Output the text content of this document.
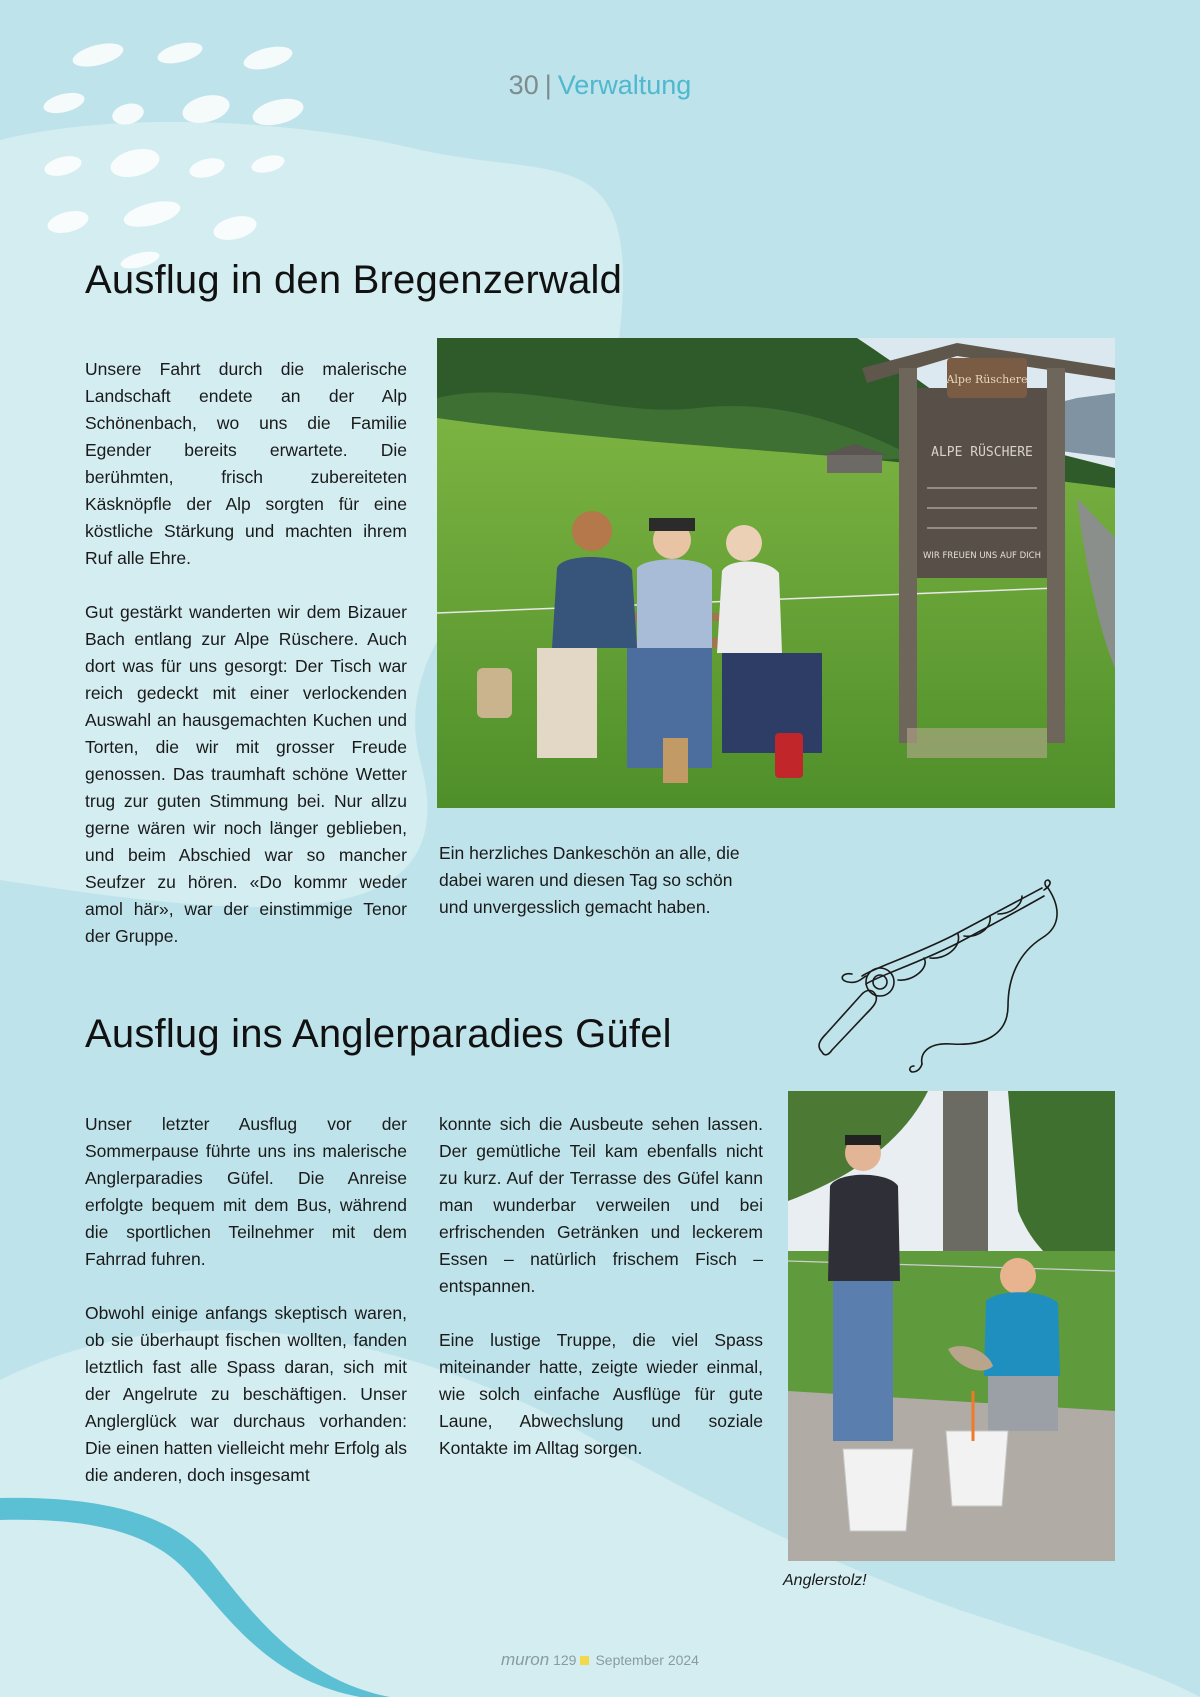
30 | Verwaltung
Ausflug in den Bregenzerwald

Unsere Fahrt durch die malerische Landschaft endete an der Alp Schönenbach, wo uns die Familie Egender bereits erwartete. Die berühmten, frisch zubereiteten Käsknöpfle der Alp sorgten für eine köstliche Stärkung und machten ihrem Ruf alle Ehre.

Gut gestärkt wanderten wir dem Bizauer Bach entlang zur Alpe Rüschere. Auch dort was für uns gesorgt: Der Tisch war reich gedeckt mit einer verlockenden Auswahl an hausgemachten Kuchen und Torten, die wir mit grosser Freude genossen. Das traumhaft schöne Wetter trug zur guten Stimmung bei. Nur allzu gerne wären wir noch länger geblieben, und beim Abschied war so mancher Seufzer zu hören. «Do kommr weder amol här», war der einstimmige Tenor der Gruppe.

Alpe Rüschere
ALPE RÜSCHERE
WIR FREUEN UNS AUF DICH

Ein herzliches Dankeschön an alle, die dabei waren und diesen Tag so schön und unvergesslich gemacht haben.

Ausflug ins Anglerparadies Güfel

Unser letzter Ausflug vor der Sommerpause führte uns ins malerische Anglerparadies Güfel. Die Anreise erfolgte bequem mit dem Bus, während die sportlichen Teilnehmer mit dem Fahrrad fuhren.

Obwohl einige anfangs skeptisch waren, ob sie überhaupt fischen wollten, fanden letztlich fast alle Spass daran, sich mit der Angelrute zu beschäftigen. Unser Anglerglück war durchaus vorhanden: Die einen hatten vielleicht mehr Erfolg als die anderen, doch insgesamt

konnte sich die Ausbeute sehen lassen. Der gemütliche Teil kam ebenfalls nicht zu kurz. Auf der Terrasse des Güfel kann man wunderbar verweilen und bei erfrischenden Getränken und leckerem Essen – natürlich frischem Fisch – entspannen.

Eine lustige Truppe, die viel Spass miteinander hatte, zeigte wieder einmal, wie solch einfache Ausflüge für gute Laune, Abwechslung und soziale Kontakte im Alltag sorgen.

Anglerstolz!
muron 129 September 2024
